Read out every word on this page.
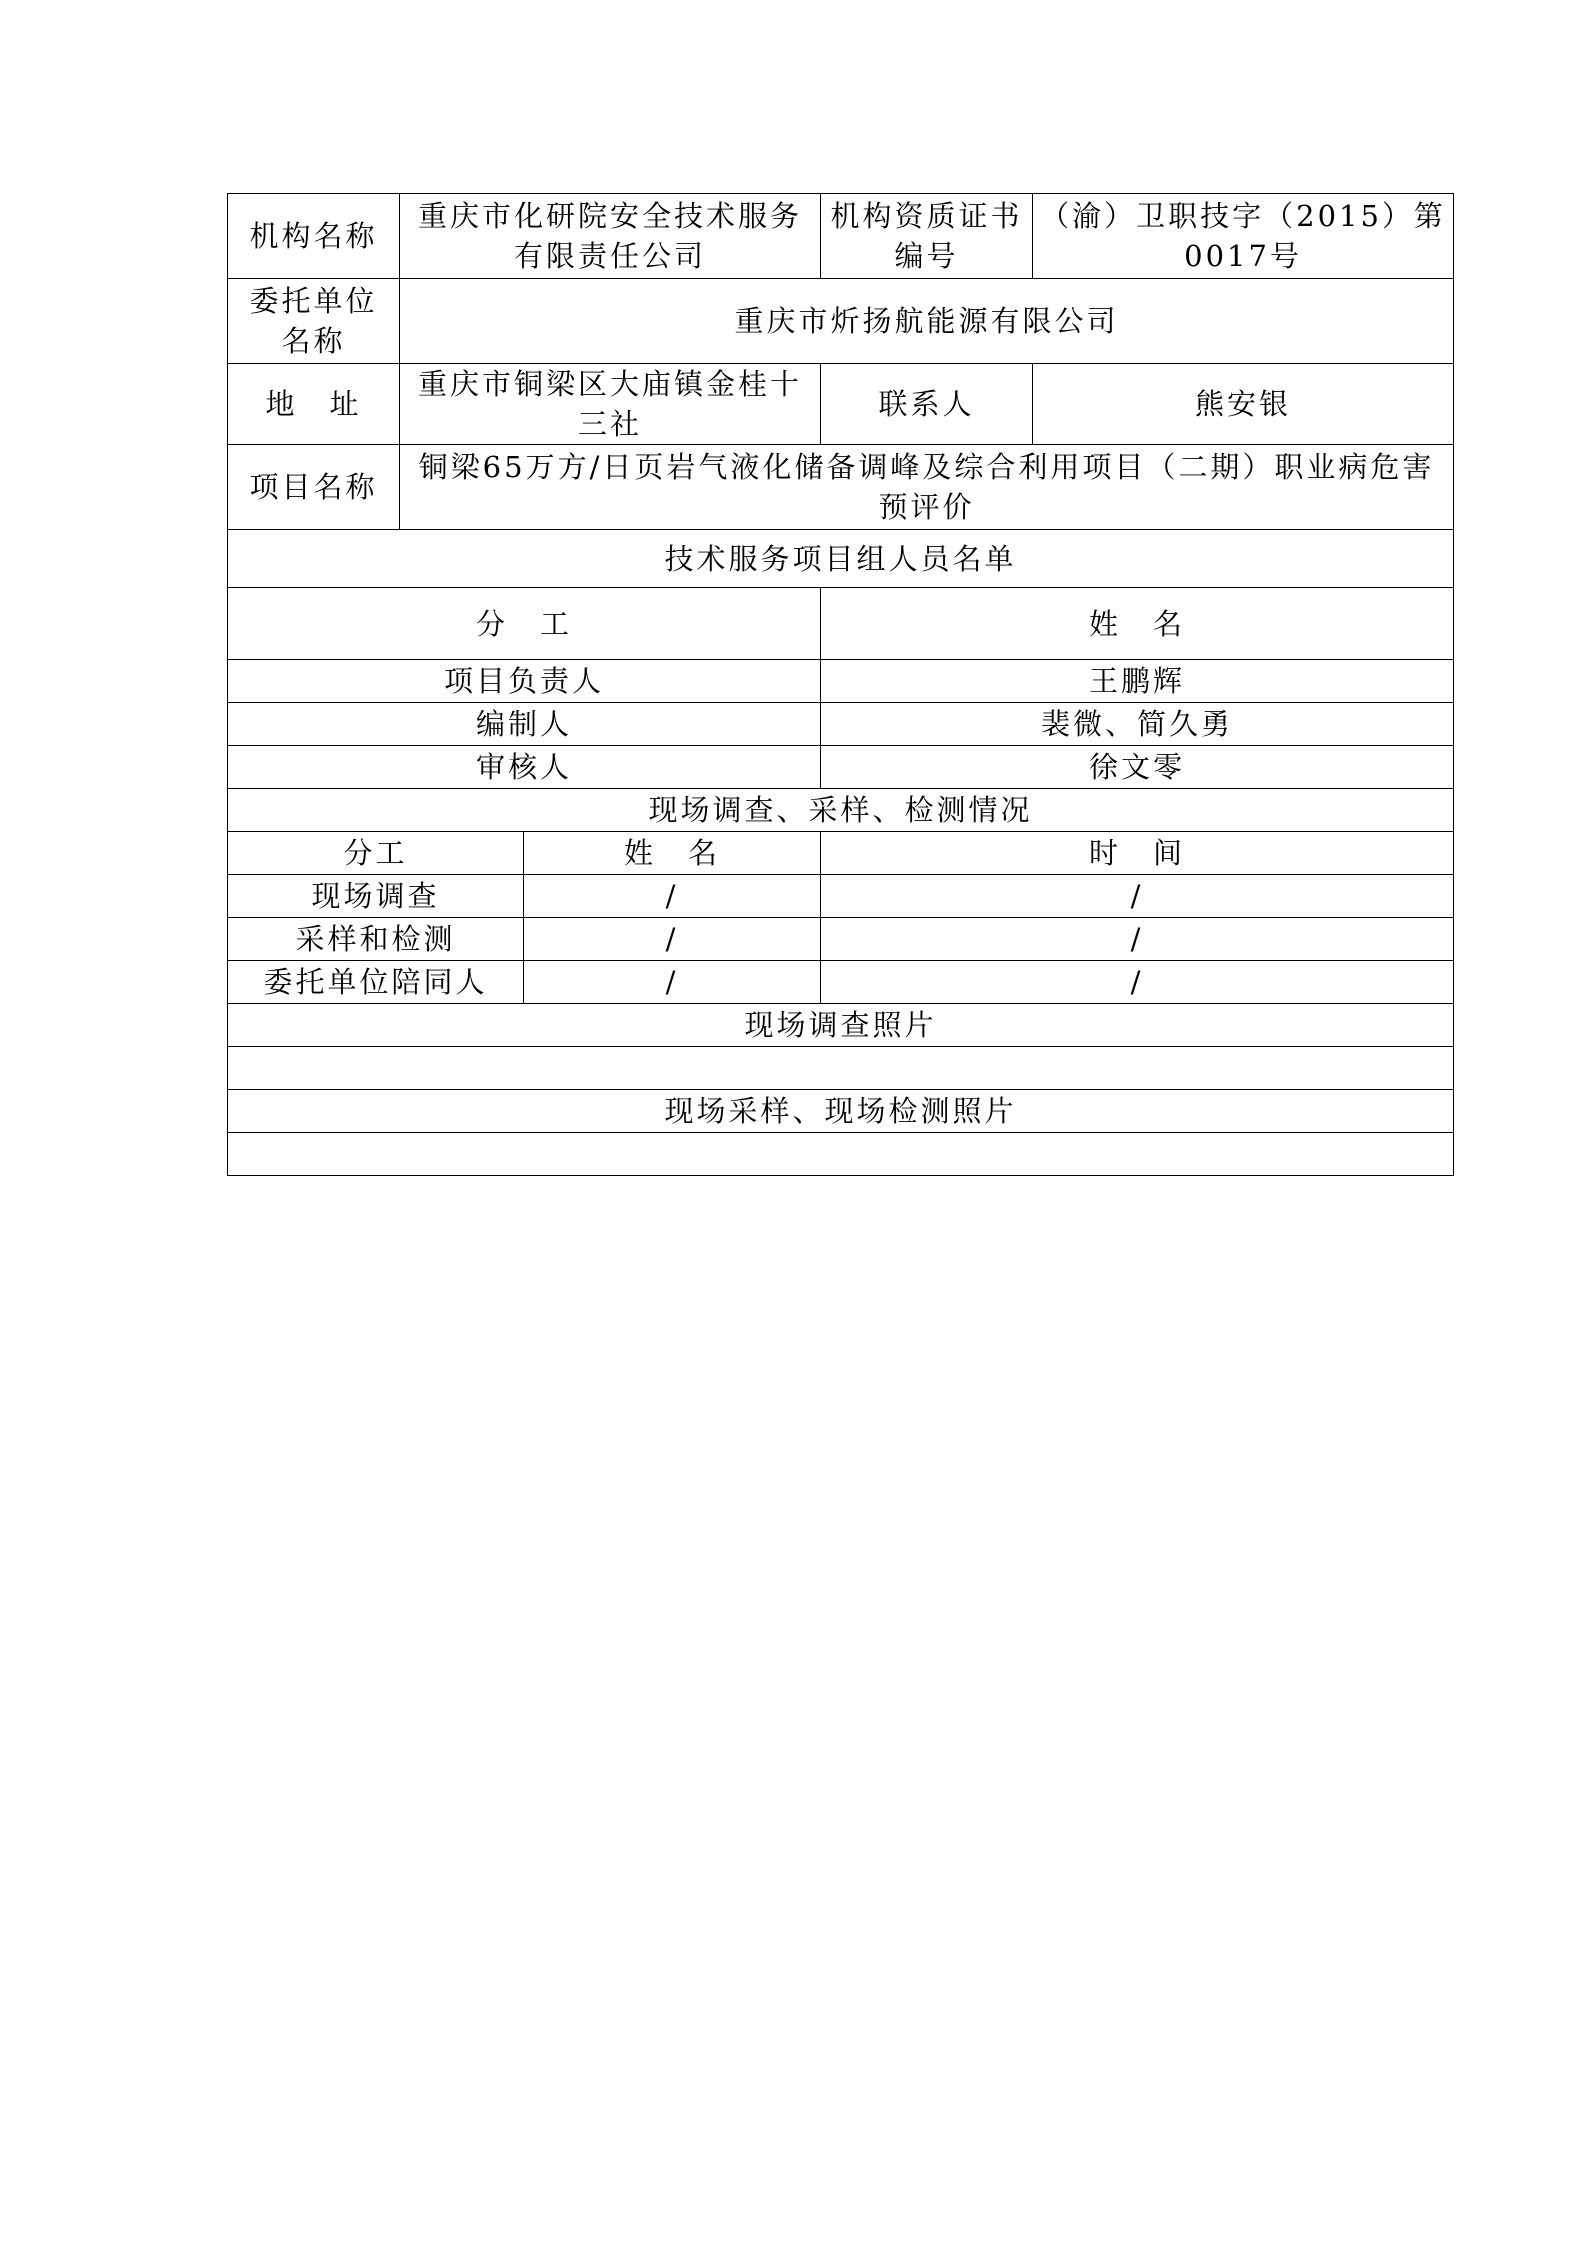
机构名称	重庆市化研院安全技术服务有限责任公司		机构资质证书编号	（渝）卫职技字（2015）第0017号
委托单位名称	重庆市炘扬航能源有限公司			
地　址	重庆市铜梁区大庙镇金桂十三社		联系人	熊安银
项目名称	铜梁65万方/日页岩气液化储备调峰及综合利用项目（二期）职业病危害预评价			
技术服务项目组人员名单				
分　工			姓　名	
项目负责人			王鹏辉	
编制人			裴微、简久勇	
审核人			徐文零	
现场调查、采样、检测情况				
分工		姓　名	时　间	
现场调查		/	/	
采样和检测		/	/	
委托单位陪同人		/	/	
现场调查照片				

现场采样、现场检测照片				
